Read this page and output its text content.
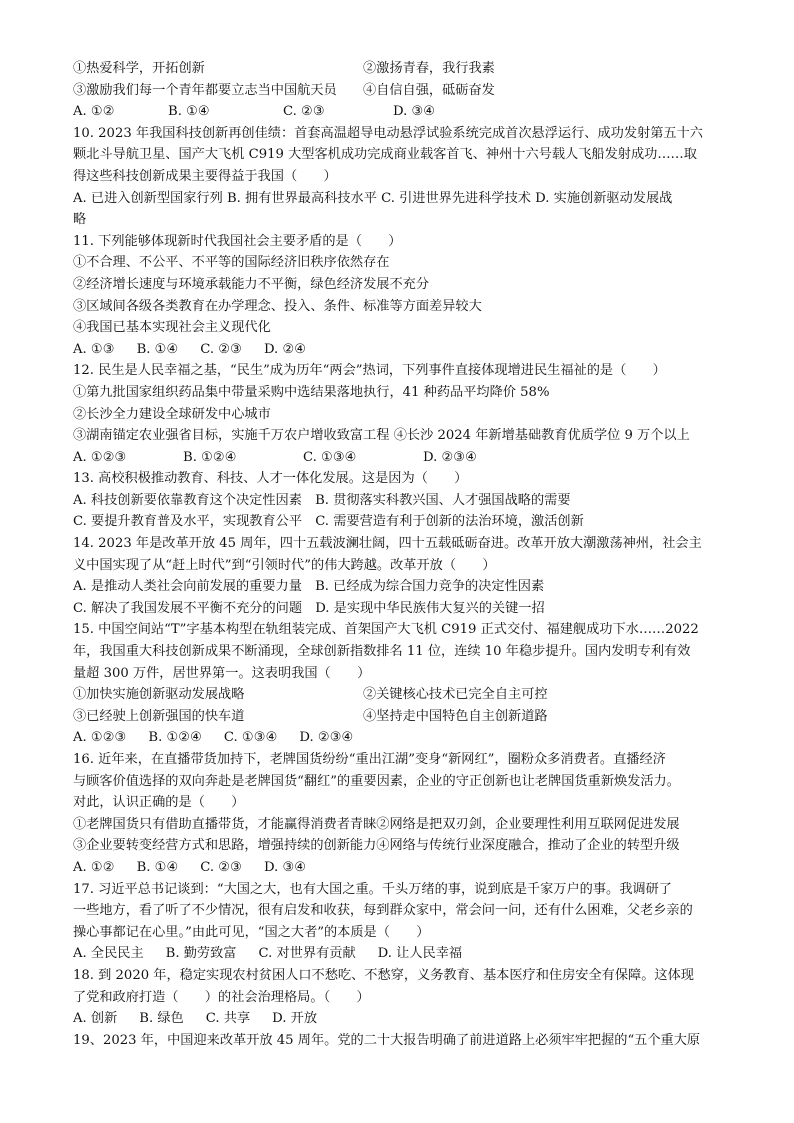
①热爱科学，开拓创新	②激扬青春，我行我素
③激励我们每一个青年都要立志当中国航天员 ④自信自强，砥砺奋发
A. ①②	B. ①④	C. ②③	D. ③④
10. 2023 年我国科技创新再创佳绩：首套高温超导电动悬浮试验系统完成首次悬浮运行、成功发射第五十六
颗北斗导航卫星、国产大飞机 C919 大型客机成功完成商业载客首飞、神州十六号载人飞船发射成功……取
得这些科技创新成果主要得益于我国（　　）
A. 已进入创新型国家行列 B. 拥有世界最高科技水平 C. 引进世界先进科学技术 D. 实施创新驱动发展战
略
11. 下列能够体现新时代我国社会主要矛盾的是（　　）
①不合理、不公平、不平等的国际经济旧秩序依然存在
②经济增长速度与环境承载能力不平衡，绿色经济发展不充分
③区域间各级各类教育在办学理念、投入、条件、标准等方面差异较大
④我国已基本实现社会主义现代化
A. ①③ B. ①④ C. ②③ D. ②④
12. 民生是人民幸福之基，“民生”成为历年“两会”热词，下列事件直接体现增进民生福祉的是（　　）
①第九批国家组织药品集中带量采购中选结果落地执行，41 种药品平均降价 58%
②长沙全力建设全球研发中心城市
③湖南锚定农业强省目标，实施千万农户增收致富工程 ④长沙 2024 年新增基础教育优质学位 9 万个以上
A. ①②③	B. ①②④	C. ①③④	D. ②③④
13. 高校积极推动教育、科技、人才一体化发展。这是因为（　　）
A. 科技创新要依靠教育这个决定性因素　B. 贯彻落实科教兴国、人才强国战略的需要
C. 要提升教育普及水平，实现教育公平　C. 需要营造有利于创新的法治环境，激活创新
14. 2023 年是改革开放 45 周年，四十五载波澜壮阔，四十五载砥砺奋进。改革开放大潮激荡神州，社会主
义中国实现了从“赶上时代”到“引领时代”的伟大跨越。改革开放（　　）
A. 是推动人类社会向前发展的重要力量　B. 已经成为综合国力竞争的决定性因素
C. 解决了我国发展不平衡不充分的问题　D. 是实现中华民族伟大复兴的关键一招
15. 中国空间站“T”字基本构型在轨组装完成、首架国产大飞机 C919 正式交付、福建舰成功下水……2022
年，我国重大科技创新成果不断涌现，全球创新指数排名 11 位，连续 10 年稳步提升。国内发明专利有效
量超 300 万件，居世界第一。这表明我国（　　）
①加快实施创新驱动发展战略	②关键核心技术已完全自主可控
③已经驶上创新强国的快车道	④坚持走中国特色自主创新道路
A. ①②③ B. ①②④ C. ①③④ D. ②③④
16. 近年来，在直播带货加持下，老牌国货纷纷“重出江湖”变身“新网红”，圈粉众多消费者。直播经济
与顾客价值选择的双向奔赴是老牌国货“翻红”的重要因素，企业的守正创新也让老牌国货重新焕发活力。
对此，认识正确的是（　　）
①老牌国货只有借助直播带货，才能赢得消费者青睐②网络是把双刃剑，企业要理性利用互联网促进发展
③企业要转变经营方式和思路，增强持续的创新能力④网络与传统行业深度融合，推动了企业的转型升级
A. ①② B. ①④ C. ②③ D. ③④
17. 习近平总书记谈到：“大国之大，也有大国之重。千头万绪的事，说到底是千家万户的事。我调研了
一些地方，看了听了不少情况，很有启发和收获，每到群众家中，常会问一问，还有什么困难，父老乡亲的
操心事都记在心里。”由此可见，“国之大者”的本质是（　　）
A. 全民民主 B. 勤劳致富 C. 对世界有贡献 D. 让人民幸福
18. 到 2020 年，稳定实现农村贫困人口不愁吃、不愁穿，义务教育、基本医疗和住房安全有保障。这体现
了党和政府打造（　　）的社会治理格局。（　　）
A. 创新 B. 绿色 C. 共享 D. 开放
19、2023 年，中国迎来改革开放 45 周年。党的二十大报告明确了前进道路上必须牢牢把握的“五个重大原
